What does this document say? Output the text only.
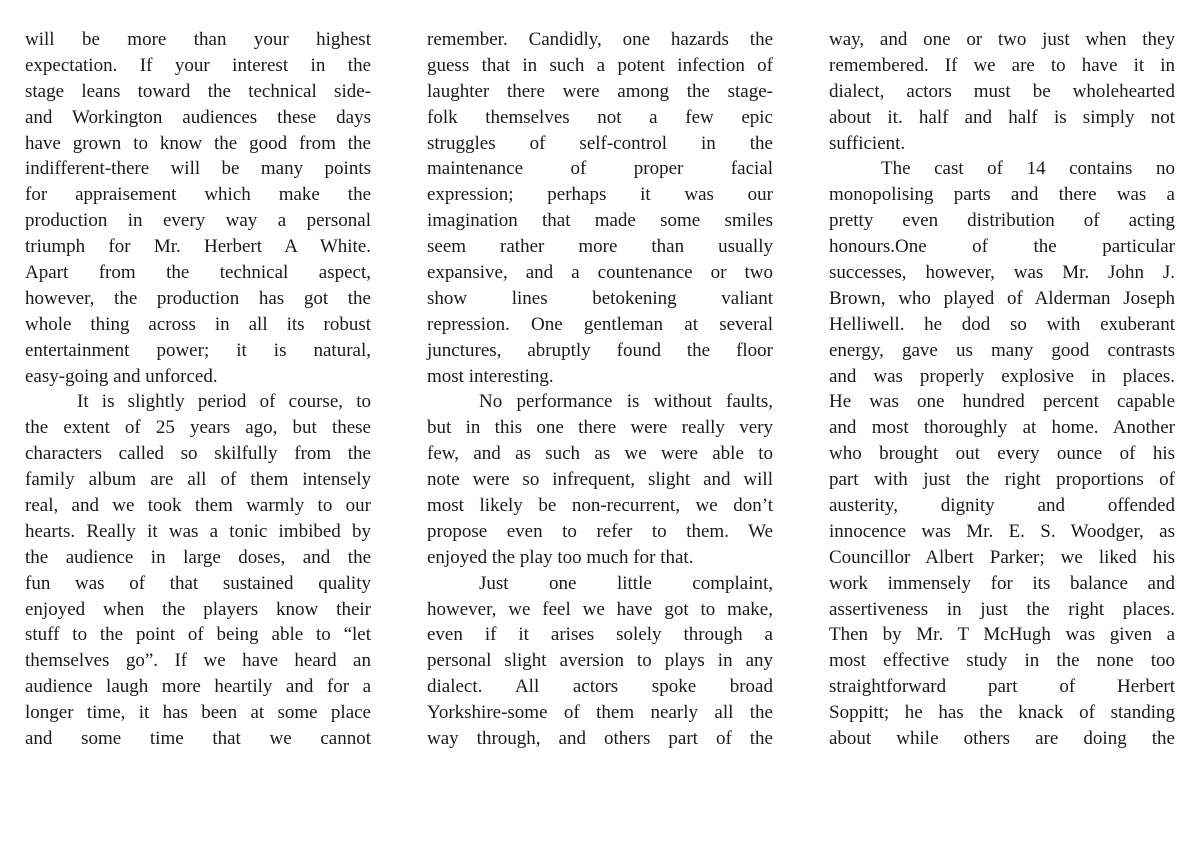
will be more than your highest
expectation. If your interest in the
stage leans toward the technical side-
and Workington audiences these days
have grown to know the good from the
indifferent-there will be many points
for appraisement which make the
production in every way a personal
triumph for Mr. Herbert A White.
Apart from the technical aspect,
however, the production has got the
whole thing across in all its robust
entertainment power; it is natural,
easy-going and unforced.
It is slightly period of course, to
the extent of 25 years ago, but these
characters called so skilfully from the
family album are all of them intensely
real, and we took them warmly to our
hearts. Really it was a tonic imbibed by
the audience in large doses, and the
fun was of that sustained quality
enjoyed when the players know their
stuff to the point of being able to “let
themselves go”. If we have heard an
audience laugh more heartily and for a
longer time, it has been at some place
and some time that we cannot
remember. Candidly, one hazards the
guess that in such a potent infection of
laughter there were among the stage-
folk themselves not a few epic
struggles of self-control in the
maintenance of proper facial
expression; perhaps it was our
imagination that made some smiles
seem rather more than usually
expansive, and a countenance or two
show lines betokening valiant
repression. One gentleman at several
junctures, abruptly found the floor
most interesting.
No performance is without faults,
but in this one there were really very
few, and as such as we were able to
note were so infrequent, slight and will
most likely be non-recurrent, we don’t
propose even to refer to them. We
enjoyed the play too much for that.
Just one little complaint,
however, we feel we have got to make,
even if it arises solely through a
personal slight aversion to plays in any
dialect. All actors spoke broad
Yorkshire-some of them nearly all the
way through, and others part of the
way, and one or two just when they
remembered. If we are to have it in
dialect, actors must be wholehearted
about it. half and half is simply not
sufficient.
The cast of 14 contains no
monopolising parts and there was a
pretty even distribution of acting
honours.One of the particular
successes, however, was Mr. John J.
Brown, who played of Alderman Joseph
Helliwell. he dod so with exuberant
energy, gave us many good contrasts
and was properly explosive in places.
He was one hundred percent capable
and most thoroughly at home. Another
who brought out every ounce of his
part with just the right proportions of
austerity, dignity and offended
innocence was Mr. E. S. Woodger, as
Councillor Albert Parker; we liked his
work immensely for its balance and
assertiveness in just the right places.
Then by Mr. T McHugh was given a
most effective study in the none too
straightforward part of Herbert
Soppitt; he has the knack of standing
about while others are doing the
